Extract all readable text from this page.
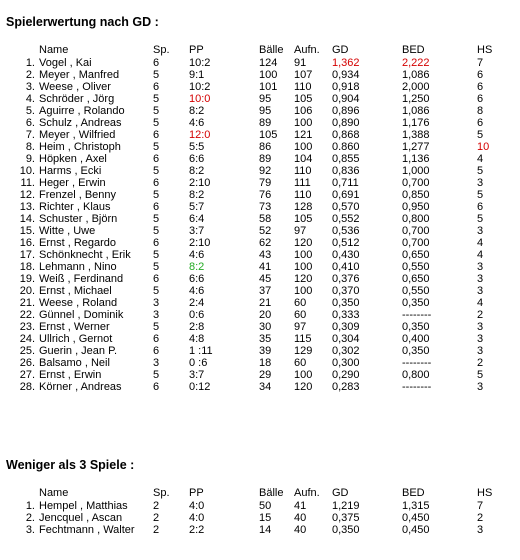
Spielerwertung nach GD :
	Name	Sp.	PP	Bälle	Aufn.	GD	BED	HS
1.	Vogel , Kai	6	10:2	124	91	1,362	2,222	7
2.	Meyer , Manfred	5	9:1	100	107	0,934	1,086	6
3.	Weese , Oliver	6	10:2	101	110	0,918	2,000	6
4.	Schröder , Jörg	5	10:0	95	105	0,904	1,250	6
5.	Aguirre , Rolando	5	8:2	95	106	0,896	1,086	8
6.	Schulz , Andreas	5	4:6	89	100	0,890	1,176	6
7.	Meyer , Wilfried	6	12:0	105	121	0,868	1,388	5
8.	Heim , Christoph	5	5:5	86	100	0.860	1,277	10
9.	Höpken , Axel	6	6:6	89	104	0,855	1,136	4
10.	Harms , Ecki	5	8:2	92	110	0,836	1,000	5
11.	Heger , Erwin	6	2:10	79	111	0,711	0,700	3
12.	Frenzel , Benny	5	8:2	76	110	0,691	0,850	5
13.	Richter , Klaus	6	5:7	73	128	0,570	0,950	6
14.	Schuster , Björn	5	6:4	58	105	0,552	0,800	5
15.	Witte , Uwe	5	3:7	52	97	0,536	0,700	3
16.	Ernst , Regardo	6	2:10	62	120	0,512	0,700	4
17.	Schönknecht , Erik	5	4:6	43	100	0,430	0,650	4
18.	Lehmann , Nino	5	8:2	41	100	0,410	0,550	3
19.	Weiß , Ferdinand	6	6:6	45	120	0,376	0,650	3
20.	Ernst , Michael	5	4:6	37	100	0,370	0,550	3
21.	Weese , Roland	3	2:4	21	60	0,350	0,350	4
22.	Günnel , Dominik	3	0:6	20	60	0,333	--------	2
23.	Ernst , Werner	5	2:8	30	97	0,309	0,350	3
24.	Ullrich , Gernot	6	4:8	35	115	0,304	0,400	3
25.	Guerin , Jean P.	6	1 :11	39	129	0,302	0,350	3
26.	Balsamo , Neil	3	0 :6	18	60	0,300	--------	2
27.	Ernst , Erwin	5	3:7	29	100	0,290	0,800	5
28.	Körner , Andreas	6	0:12	34	120	0,283	--------	3
Weniger als 3 Spiele :
	Name	Sp.	PP	Bälle	Aufn.	GD	BED	HS
1.	Hempel , Matthias	2	4:0	50	41	1,219	1,315	7
2.	Jencquel , Ascan	2	4:0	15	40	0,375	0,450	2
3.	Fechtmann , Walter	2	2:2	14	40	0,350	0,450	3
